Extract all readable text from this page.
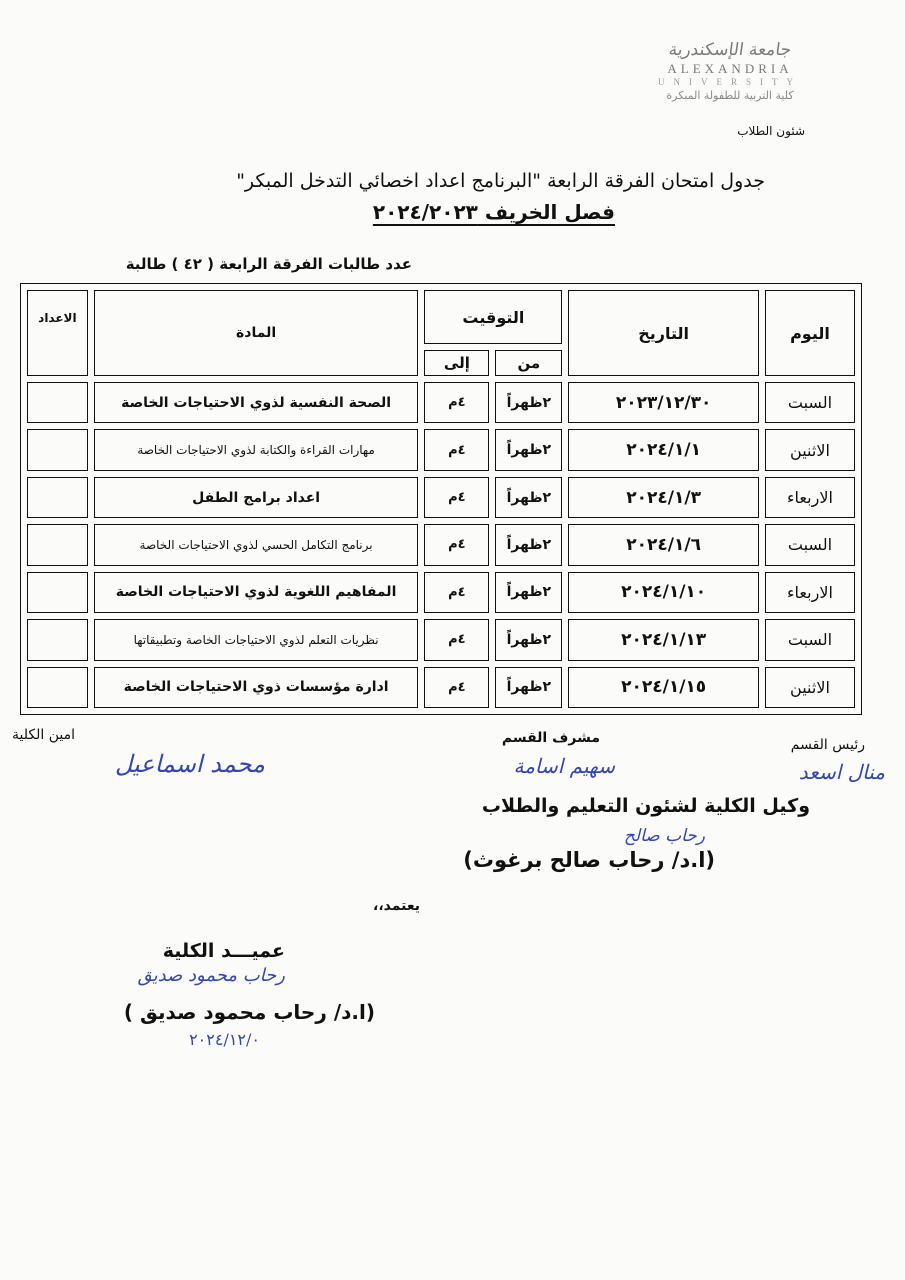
جامعة الإسكندرية
ALEXANDRIA
UNIVERSITY
كلية التربية للطفولة المبكرة
شئون الطلاب
جدول امتحان الفرقة الرابعة "البرنامج اعداد اخصائي التدخل المبكر"
فصل الخريف ٢٠٢٤/٢٠٢٣
عدد طالبات الفرقة الرابعة ( ٤٢ ) طالبة
اليوم	التاريخ	التوقيت		المادة	الاعداد
		من	إلى		
السبت	٢٠٢٣/١٢/٣٠	٢ظهراً	٤م	الصحة النفسية لذوي الاحتياجات الخاصة	
الاثنين	٢٠٢٤/١/١	٢ظهراً	٤م	مهارات القراءة والكتابة لذوي الاحتياجات الخاصة	
الاربعاء	٢٠٢٤/١/٣	٢ظهراً	٤م	اعداد برامج الطفل	
السبت	٢٠٢٤/١/٦	٢ظهراً	٤م	برنامج التكامل الحسي لذوي الاحتياجات الخاصة	
الاربعاء	٢٠٢٤/١/١٠	٢ظهراً	٤م	المفاهيم اللغوية لذوي الاحتياجات الخاصة	
السبت	٢٠٢٤/١/١٣	٢ظهراً	٤م	نظريات التعلم لذوي الاحتياجات الخاصة وتطبيقاتها	
الاثنين	٢٠٢٤/١/١٥	٢ظهراً	٤م	ادارة مؤسسات ذوي الاحتياجات الخاصة	
امين الكلية
محمد اسماعيل
مشرف القسم
سهيم اسامة
رئيس القسم
منال اسعد
وكيل الكلية لشئون التعليم والطلاب
رحاب صالح
(ا.د/ رحاب صالح برغوث)
يعتمد،،
عميـــد الكلية
رحاب محمود صديق
(ا.د/ رحاب محمود صديق )
٢٠٢٤/١٢/٠
